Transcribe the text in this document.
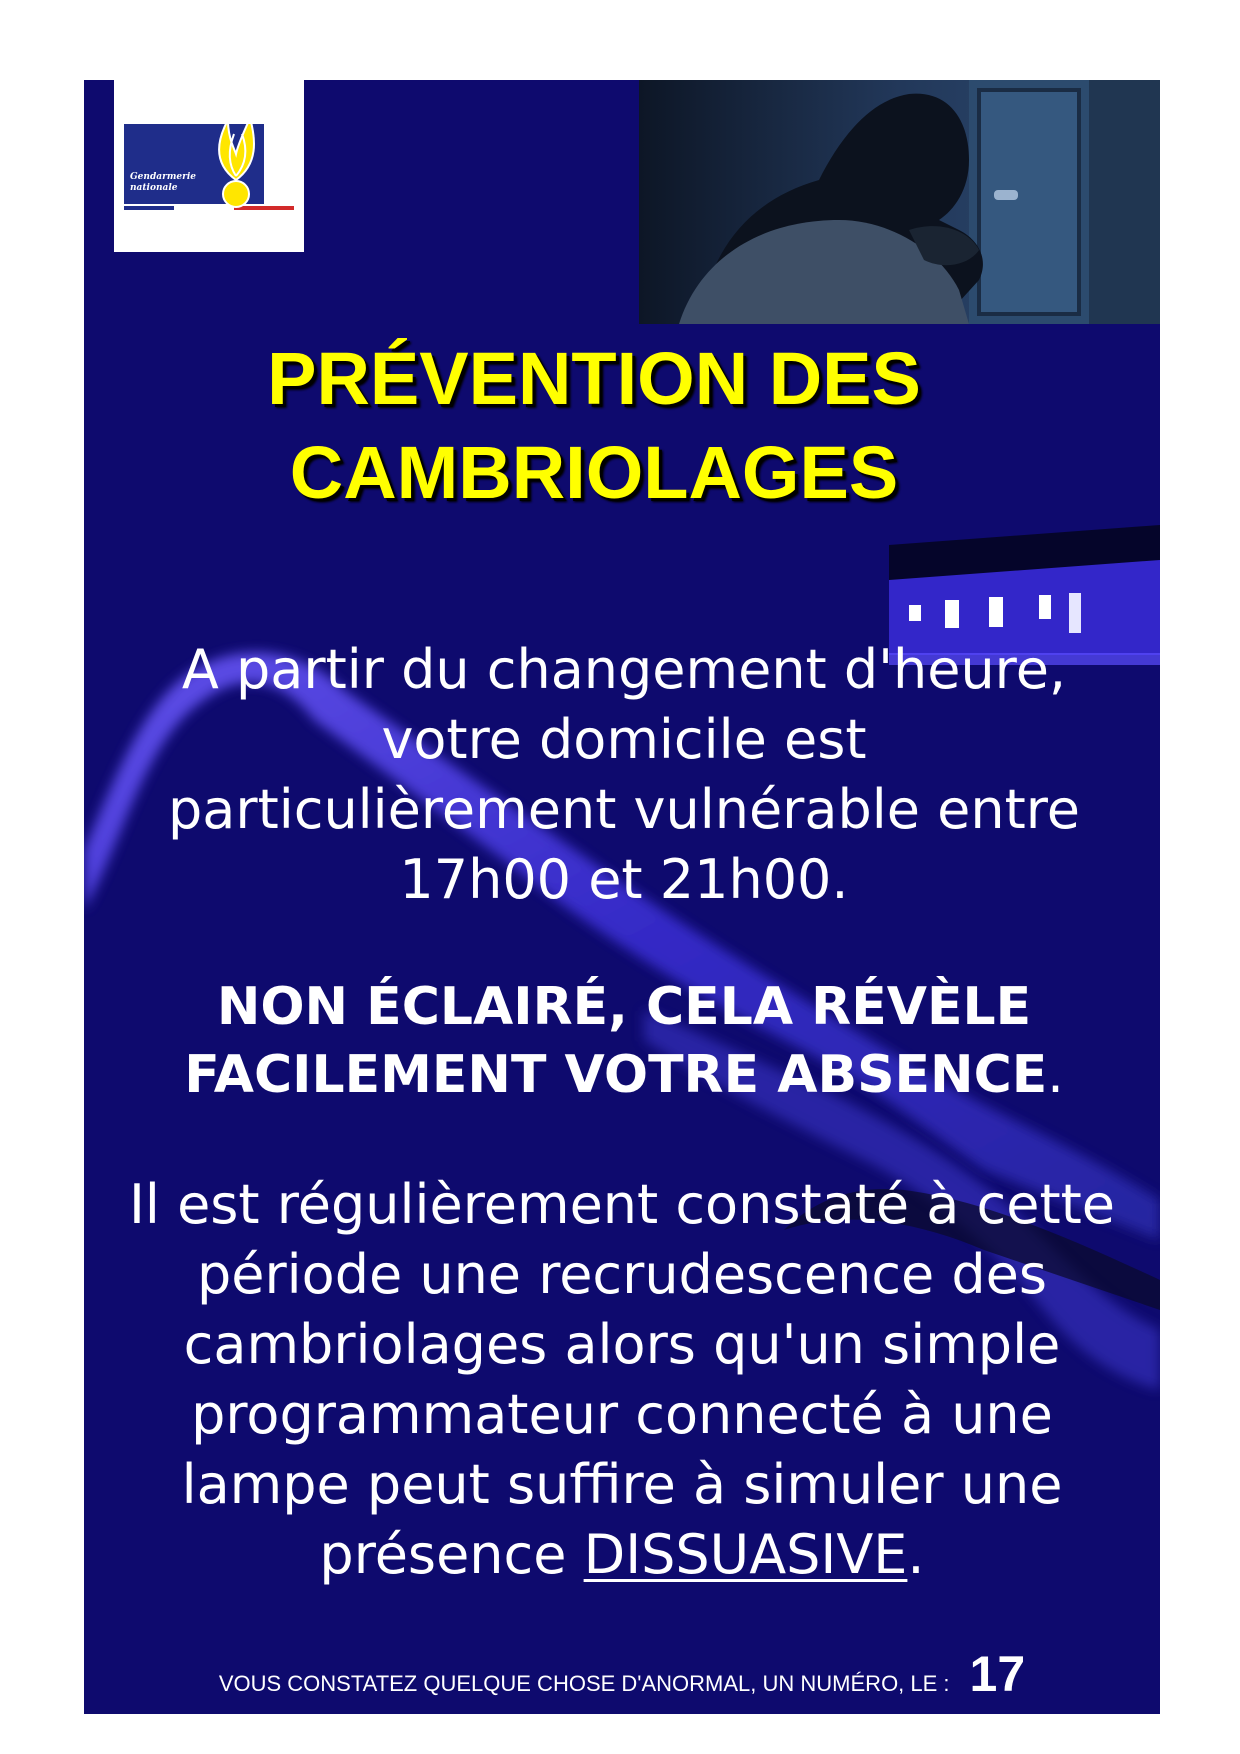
Gendarmerie
nationale
PRÉVENTION DES
CAMBRIOLAGES
A partir du changement d'heure,
votre domicile est
particulièrement vulnérable entre
17h00 et 21h00.
NON ÉCLAIRÉ, CELA RÉVÈLE
FACILEMENT VOTRE ABSENCE.
Il est régulièrement constaté à cette
période une recrudescence des
cambriolages alors qu'un simple
programmateur connecté à une
lampe peut suffire à simuler une
présence DISSUASIVE.
VOUS CONSTATEZ QUELQUE CHOSE D'ANORMAL, UN NUMÉRO, LE : 17
